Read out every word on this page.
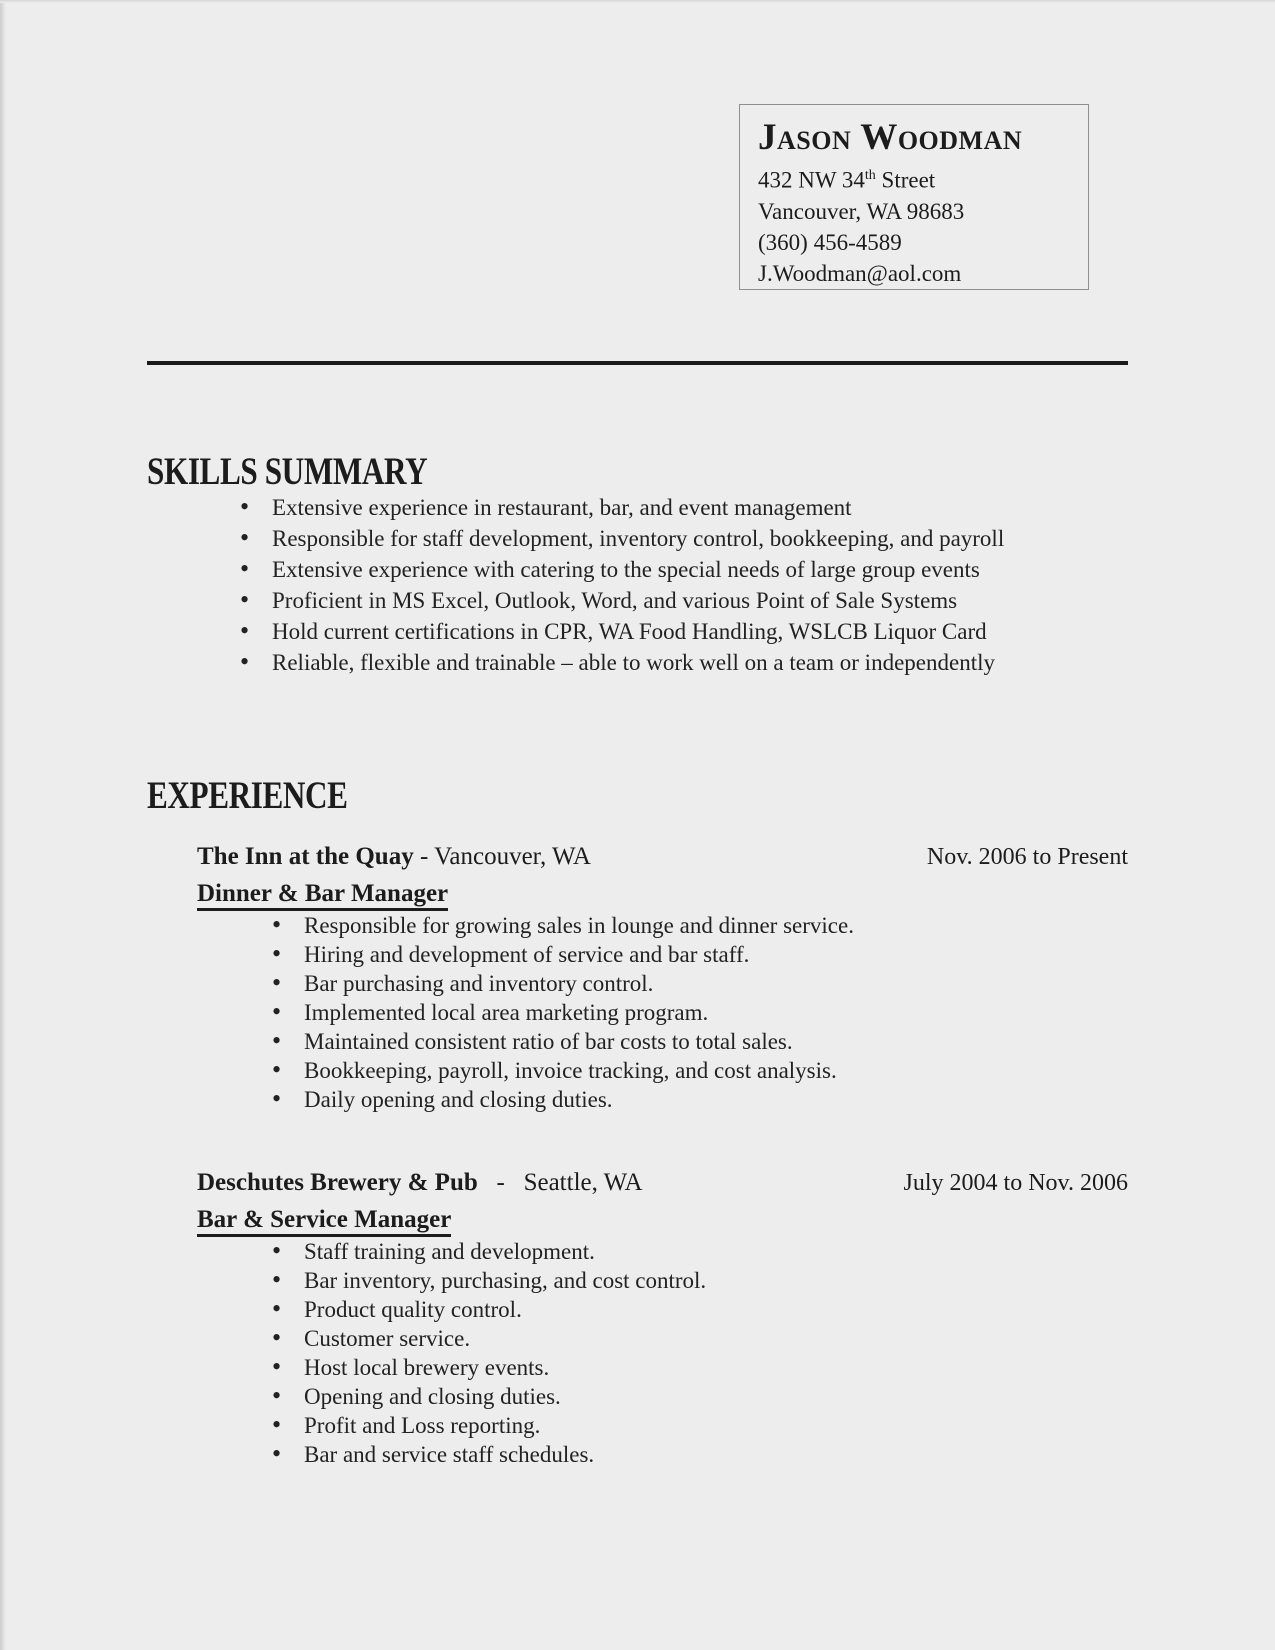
Jason Woodman
432 NW 34th Street
Vancouver, WA 98683
(360) 456-4589
J.Woodman@aol.com
SKILLS SUMMARY
• Extensive experience in restaurant, bar, and event management
• Responsible for staff development, inventory control, bookkeeping, and payroll
• Extensive experience with catering to the special needs of large group events
• Proficient in MS Excel, Outlook, Word, and various Point of Sale Systems
• Hold current certifications in CPR, WA Food Handling, WSLCB Liquor Card
• Reliable, flexible and trainable – able to work well on a team or independently
EXPERIENCE
The Inn at the Quay - Vancouver, WA	Nov. 2006 to Present
Dinner & Bar Manager
• Responsible for growing sales in lounge and dinner service.
• Hiring and development of service and bar staff.
• Bar purchasing and inventory control.
• Implemented local area marketing program.
• Maintained consistent ratio of bar costs to total sales.
• Bookkeeping, payroll, invoice tracking, and cost analysis.
• Daily opening and closing duties.
Deschutes Brewery & Pub   -   Seattle, WA	July 2004 to Nov. 2006
Bar & Service Manager
• Staff training and development.
• Bar inventory, purchasing, and cost control.
• Product quality control.
• Customer service.
• Host local brewery events.
• Opening and closing duties.
• Profit and Loss reporting.
• Bar and service staff schedules.
